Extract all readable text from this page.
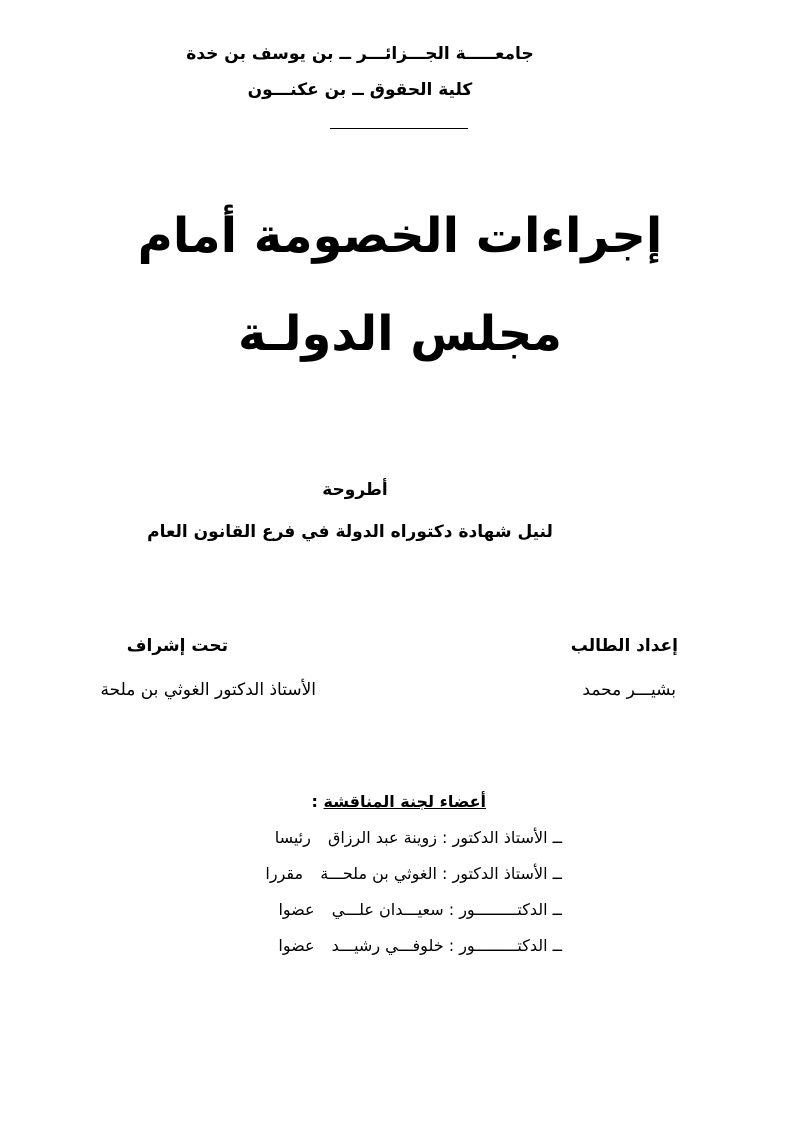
جامعـــــة الجـــزائـــر ــ بن يوسف بن خدة
كلية الحقوق ــ بن عكنـــون
إجراءات الخصومة أمام
مجلس الدولـة
أطروحة
لنيل شهادة دكتوراه الدولة في فرع القانون العام
إعداد الطالب
تحت إشراف
بشيـــر محمد
الأستاذ الدكتور الغوثي بن ملحة
أعضاء لجنة المناقشة :
ــ الأستاذ الدكتور : زوينة عبد الرزاق رئيسا
ــ الأستاذ الدكتور : الغوثي بن ملحـــة مقررا
ــ الدكتـــــــــور : سعيـــدان علـــي عضوا
ــ الدكتـــــــــور : خلوفـــي رشيـــد عضوا
